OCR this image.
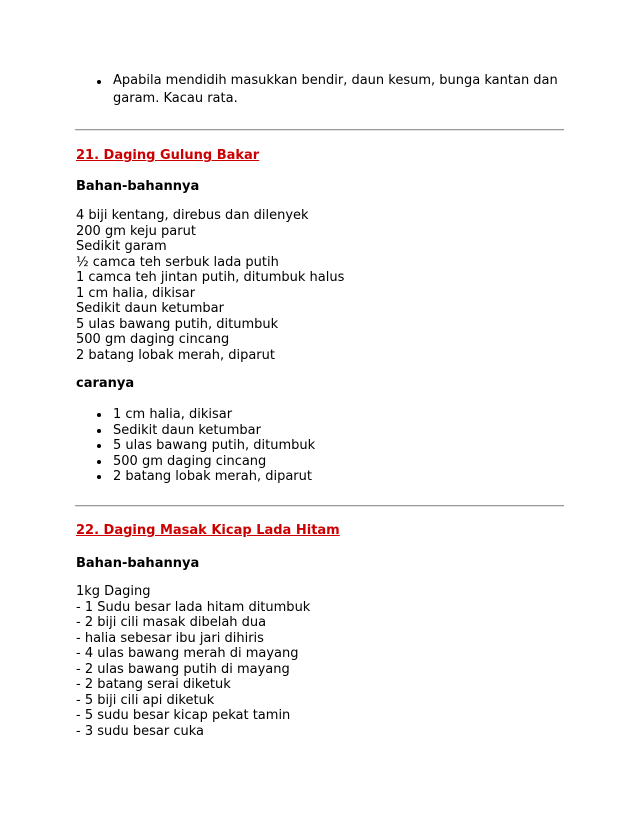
Apabila mendidih masukkan bendir, daun kesum, bunga kantan dan garam. Kacau rata.
21. Daging Gulung Bakar
Bahan-bahannya
4 biji kentang, direbus dan dilenyek
200 gm keju parut
Sedikit garam
½ camca teh serbuk lada putih
1 camca teh jintan putih, ditumbuk halus
1 cm halia, dikisar
Sedikit daun ketumbar
5 ulas bawang putih, ditumbuk
500 gm daging cincang
2 batang lobak merah, diparut
caranya
1 cm halia, dikisar
Sedikit daun ketumbar
5 ulas bawang putih, ditumbuk
500 gm daging cincang
2 batang lobak merah, diparut
22. Daging Masak Kicap Lada Hitam
Bahan-bahannya
1kg Daging
- 1 Sudu besar lada hitam ditumbuk
- 2 biji cili masak dibelah dua
- halia sebesar ibu jari dihiris
- 4 ulas bawang merah di mayang
- 2 ulas bawang putih di mayang
- 2 batang serai diketuk
- 5 biji cili api diketuk
- 5 sudu besar kicap pekat tamin
- 3 sudu besar cuka
